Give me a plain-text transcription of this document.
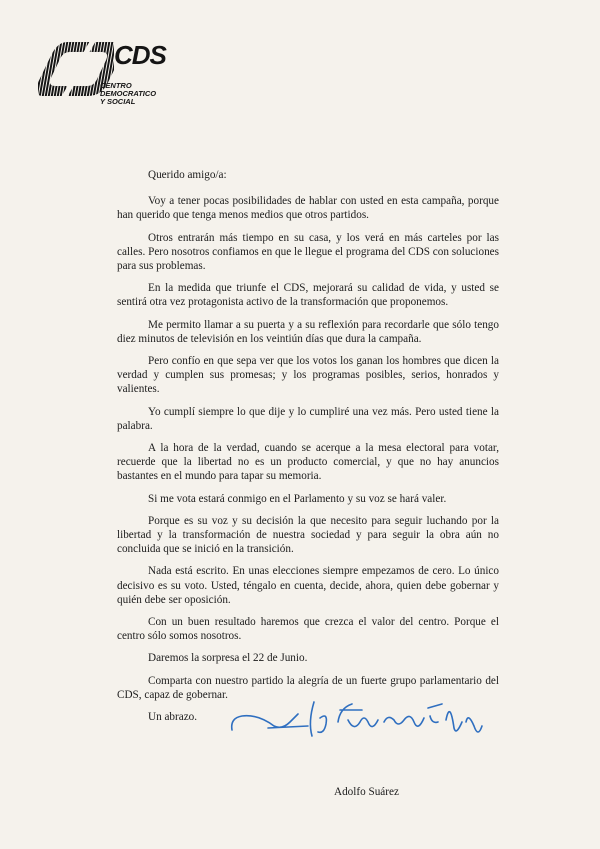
CDS
CENTRO
DEMOCRATICO
Y SOCIAL

Querido amigo/a:

Voy a tener pocas posibilidades de hablar con usted en esta campaña, porque han querido que tenga menos medios que otros partidos.

Otros entrarán más tiempo en su casa, y los verá en más carteles por las calles. Pero nosotros confiamos en que le llegue el programa del CDS con soluciones para sus problemas.

En la medida que triunfe el CDS, mejorará su calidad de vida, y usted se sentirá otra vez protagonista activo de la transformación que proponemos.

Me permito llamar a su puerta y a su reflexión para recordarle que sólo tengo diez minutos de televisión en los veintiún días que dura la campaña.

Pero confío en que sepa ver que los votos los ganan los hombres que dicen la verdad y cumplen sus promesas; y los programas posibles, serios, honrados y valientes.

Yo cumplí siempre lo que dije y lo cumpliré una vez más. Pero usted tiene la palabra.

A la hora de la verdad, cuando se acerque a la mesa electoral para votar, recuerde que la libertad no es un producto comercial, y que no hay anuncios bastantes en el mundo para tapar su memoria.

Si me vota estará conmigo en el Parlamento y su voz se hará valer.

Porque es su voz y su decisión la que necesito para seguir luchando por la libertad y la transformación de nuestra sociedad y para seguir la obra aún no concluida que se inició en la transición.

Nada está escrito. En unas elecciones siempre empezamos de cero. Lo único decisivo es su voto. Usted, téngalo en cuenta, decide, ahora, quien debe gobernar y quién debe ser oposición.

Con un buen resultado haremos que crezca el valor del centro. Porque el centro sólo somos nosotros.

Daremos la sorpresa el 22 de Junio.

Comparta con nuestro partido la alegría de un fuerte grupo parlamentario del CDS, capaz de gobernar.

Un abrazo.

Adolfo Suárez
